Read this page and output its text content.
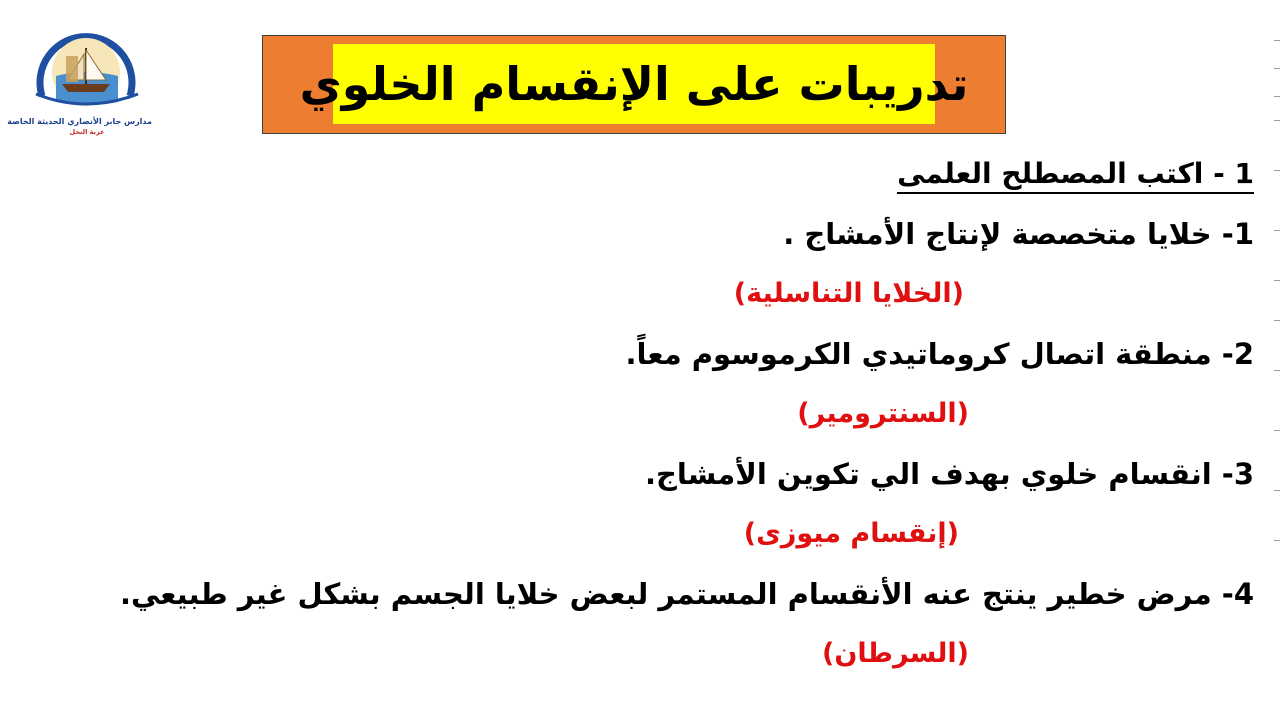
مدارس جابر الأنصاري الحديثة الخاصة
عزبة النخل
تدريبات على الإنقسام الخلوي
1 - اكتب المصطلح العلمى
1- خلايا متخصصة لإنتاج الأمشاج .
(الخلايا التناسلية)
2- منطقة اتصال كروماتيدي الكرموسوم معاً.
(السنترومير)
3- انقسام خلوي بهدف الي تكوين الأمشاج.
(إنقسام ميوزى)
4- مرض خطير ينتج عنه الأنقسام المستمر لبعض خلايا الجسم بشكل غير طبيعي.
(السرطان)
